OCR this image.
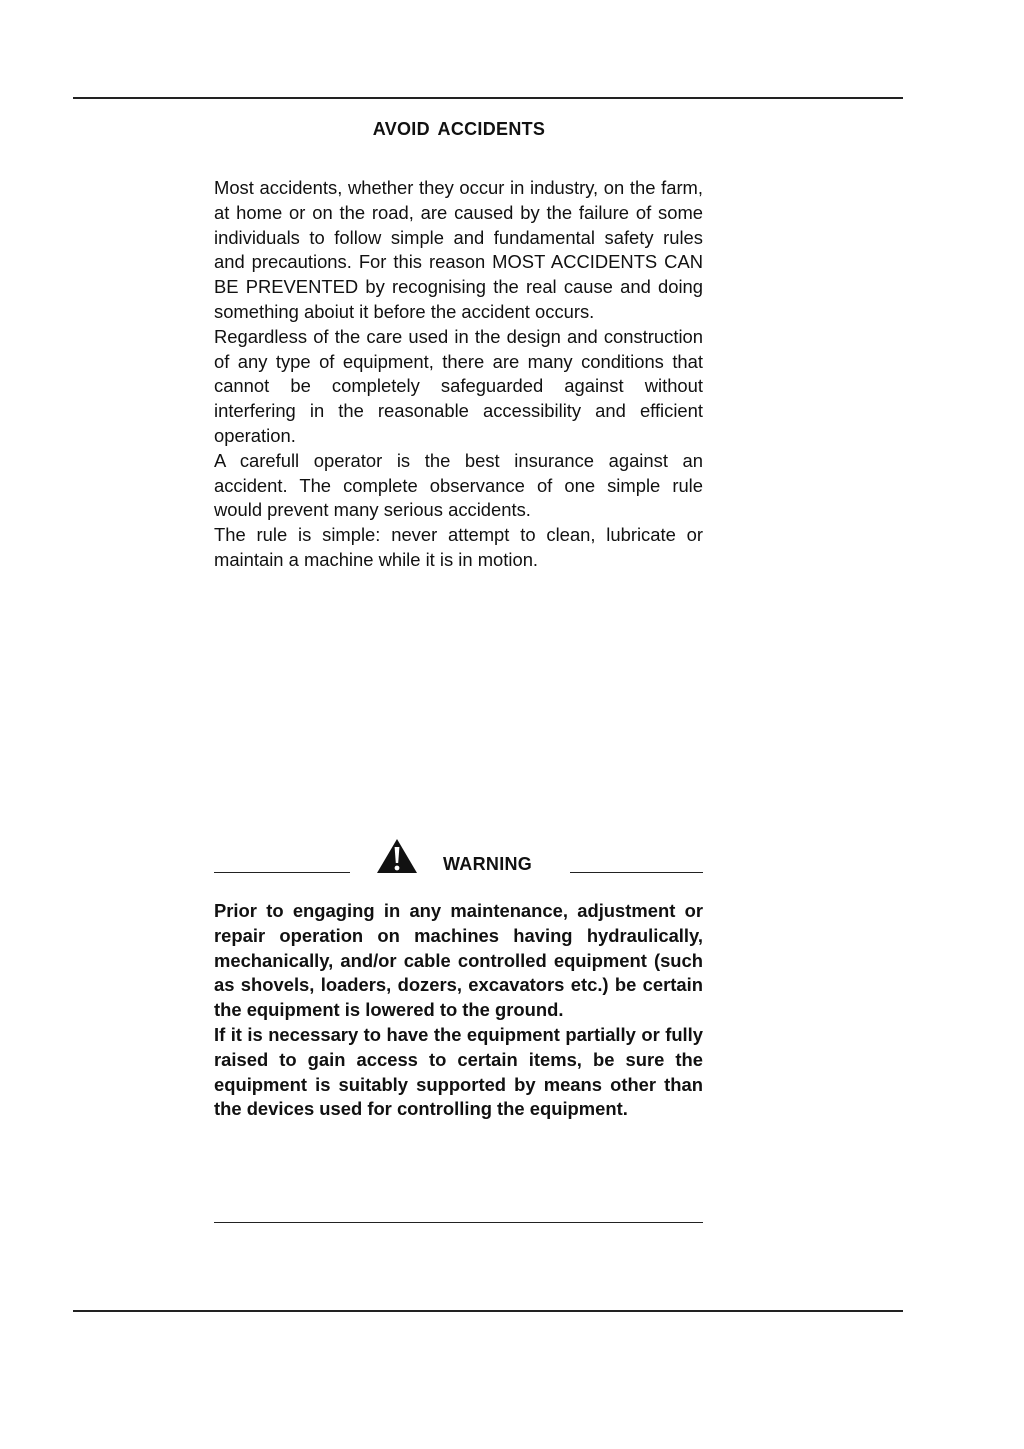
AVOID ACCIDENTS

Most accidents, whether they occur in industry, on the farm, at home or on the road, are caused by the failure of some individuals to follow simple and fundamental safety rules and precautions. For this reason MOST ACCIDENTS CAN BE PREVENTED by recognising the real cause and doing something aboiut it before the accident occurs.

Regardless of the care used in the design and construction of any type of equipment, there are many conditions that cannot be completely safeguarded against without interfering in the reasonable accessibility and efficient operation.

A carefull operator is the best insurance against an accident. The complete observance of one simple rule would prevent many serious accidents.

The rule is simple: never attempt to clean, lubricate or maintain a machine while it is in motion.

WARNING

Prior to engaging in any maintenance, adjustment or repair operation on machines having hydraulically, mechanically, and/or cable controlled equipment (such as shovels, loaders, dozers, excavators etc.) be certain the equipment is lowered to the ground.

If it is necessary to have the equipment partially or fully raised to gain access to certain items, be sure the equipment is suitably supported by means other than the devices used for controlling the equipment.
